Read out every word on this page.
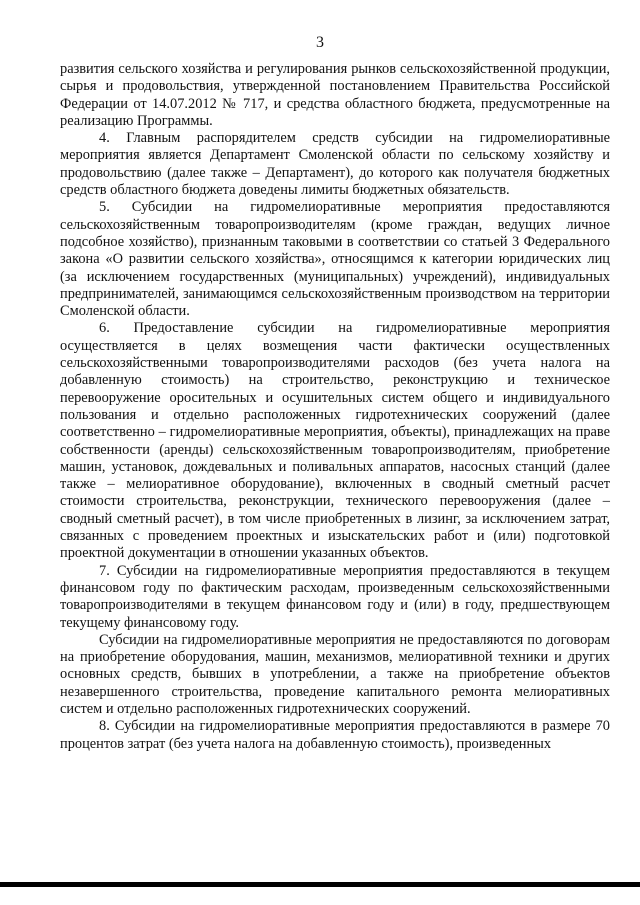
3

развития сельского хозяйства и регулирования рынков сельскохозяйственной продукции, сырья и продовольствия, утвержденной постановлением Правительства Российской Федерации от 14.07.2012 № 717, и средства областного бюджета, предусмотренные на реализацию Программы.

4. Главным распорядителем средств субсидии на гидромелиоративные мероприятия является Департамент Смоленской области по сельскому хозяйству и продовольствию (далее также – Департамент), до которого как получателя бюджетных средств областного бюджета доведены лимиты бюджетных обязательств.

5. Субсидии на гидромелиоративные мероприятия предоставляются сельскохозяйственным товаропроизводителям (кроме граждан, ведущих личное подсобное хозяйство), признанным таковыми в соответствии со статьей 3 Федерального закона «О развитии сельского хозяйства», относящимся к категории юридических лиц (за исключением государственных (муниципальных) учреждений), индивидуальных предпринимателей, занимающимся сельскохозяйственным производством на территории Смоленской области.

6. Предоставление субсидии на гидромелиоративные мероприятия осуществляется в целях возмещения части фактически осуществленных сельскохозяйственными товаропроизводителями расходов (без учета налога на добавленную стоимость) на строительство, реконструкцию и техническое перевооружение оросительных и осушительных систем общего и индивидуального пользования и отдельно расположенных гидротехнических сооружений (далее соответственно – гидромелиоративные мероприятия, объекты), принадлежащих на праве собственности (аренды) сельскохозяйственным товаропроизводителям, приобретение машин, установок, дождевальных и поливальных аппаратов, насосных станций (далее также – мелиоративное оборудование), включенных в сводный сметный расчет стоимости строительства, реконструкции, технического перевооружения (далее – сводный сметный расчет), в том числе приобретенных в лизинг, за исключением затрат, связанных с проведением проектных и изыскательских работ и (или) подготовкой проектной документации в отношении указанных объектов.

7. Субсидии на гидромелиоративные мероприятия предоставляются в текущем финансовом году по фактическим расходам, произведенным сельскохозяйственными товаропроизводителями в текущем финансовом году и (или) в году, предшествующем текущему финансовому году.

Субсидии на гидромелиоративные мероприятия не предоставляются по договорам на приобретение оборудования, машин, механизмов, мелиоративной техники и других основных средств, бывших в употреблении, а также на приобретение объектов незавершенного строительства, проведение капитального ремонта мелиоративных систем и отдельно расположенных гидротехнических сооружений.

8. Субсидии на гидромелиоративные мероприятия предоставляются в размере 70 процентов затрат (без учета налога на добавленную стоимость), произведенных
